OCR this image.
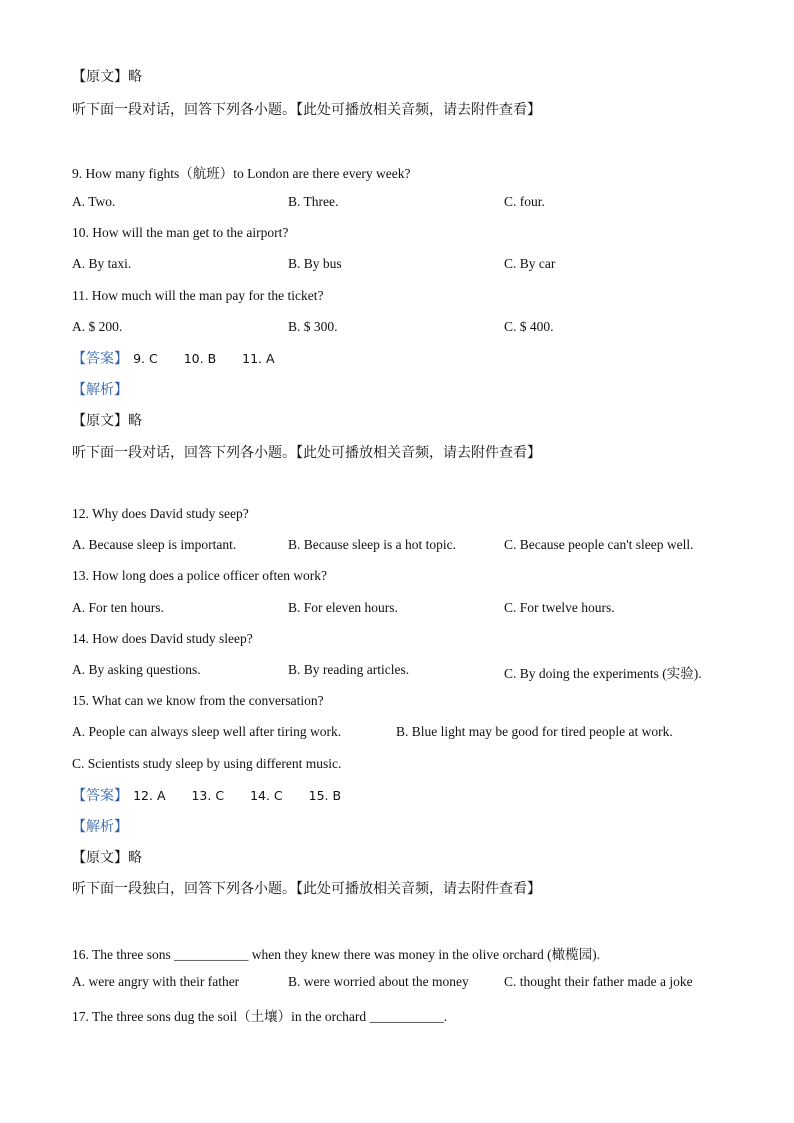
【原文】略
听下面一段对话，回答下列各小题。【此处可播放相关音频，请去附件查看】
9. How many fights（航班）to London are there every week?
A. Two.	B. Three.	C. four.
10. How will the man get to the airport?
A. By taxi.	B. By bus	C. By car
11. How much will the man pay for the ticket?
A. $ 200.	B. $ 300.	C. $ 400.
【答案】 9. C 10. B 11. A
【解析】
【原文】略
听下面一段对话，回答下列各小题。【此处可播放相关音频，请去附件查看】
12. Why does David study seep?
A. Because sleep is important.	B. Because sleep is a hot topic.	C. Because people can't sleep well.
13. How long does a police officer often work?
A. For ten hours.	B. For eleven hours.	C. For twelve hours.
14. How does David study sleep?
A. By asking questions.	B. By reading articles.	C. By doing the experiments (实验).
15. What can we know from the conversation?
A. People can always sleep well after tiring work.	B. Blue light may be good for tired people at work.
C. Scientists study sleep by using different music.
【答案】 12. A 13. C 14. C 15. B
【解析】
【原文】略
听下面一段独白，回答下列各小题。【此处可播放相关音频，请去附件查看】
16. The three sons ___________ when they knew there was money in the olive orchard (橄榄园).
A. were angry with their father	B. were worried about the money	C. thought their father made a joke
17. The three sons dug the soil（土壤）in the orchard ___________.
